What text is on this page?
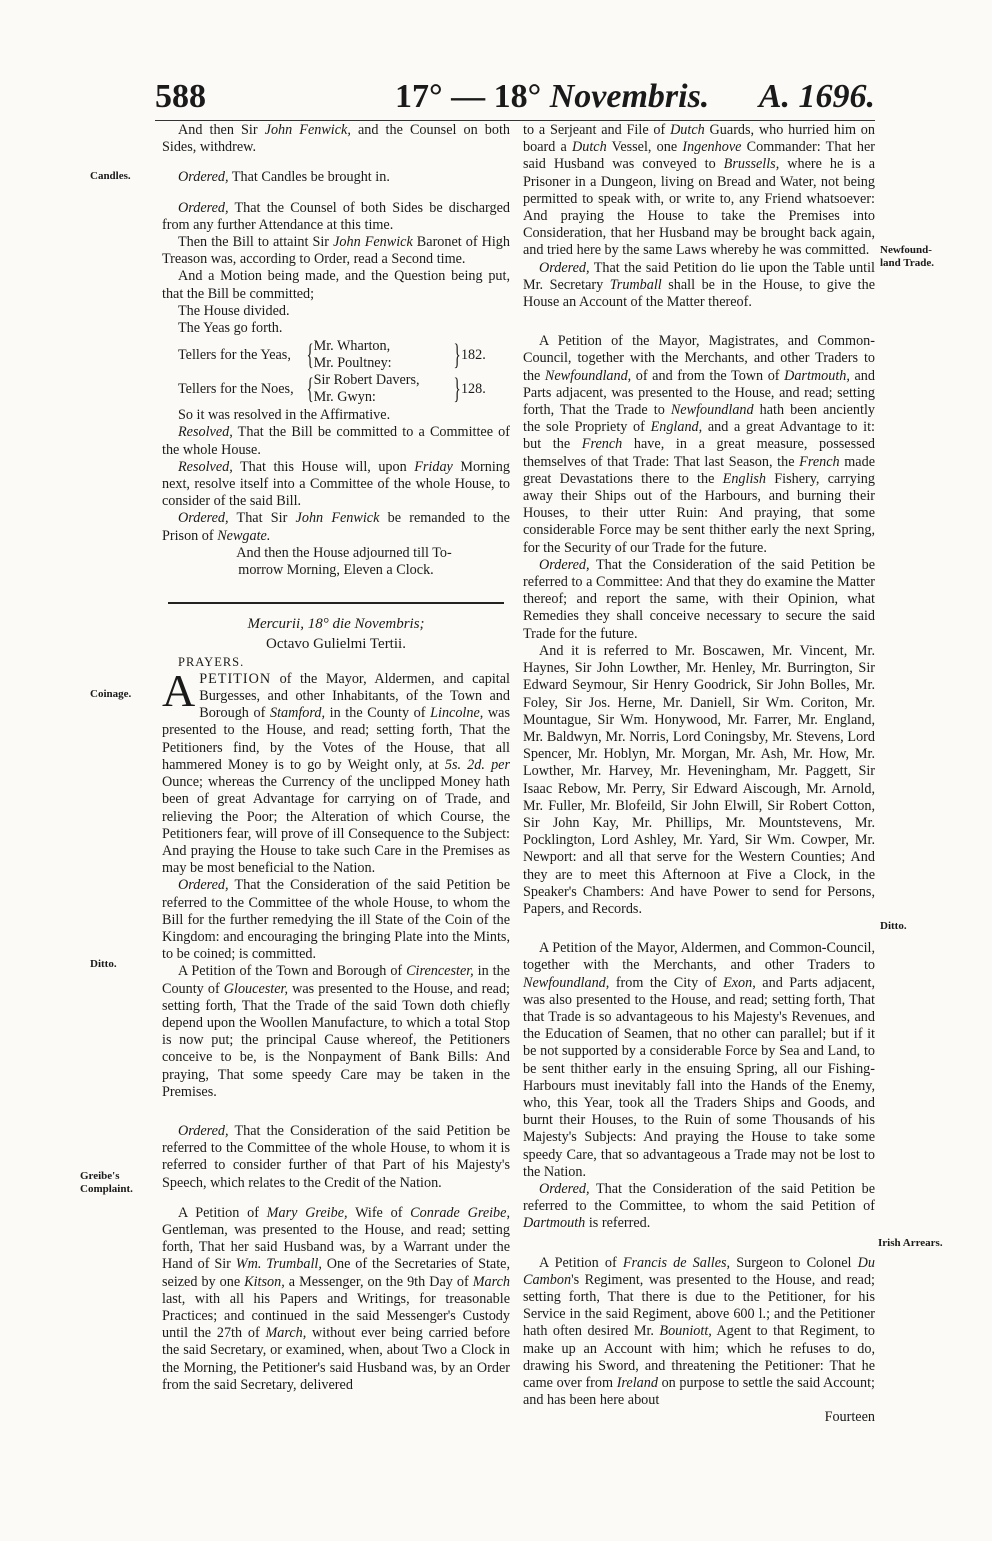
588	17° — 18° Novembris. A. 1696.
Candles.
Coinage.
Ditto.
Greibe's
Complaint.
Newfound-
land Trade.
Ditto.
Irish Arrears.

And then Sir John Fenwick, and the Counsel on both Sides, withdrew.

Ordered, That Candles be brought in.

Ordered, That the Counsel of both Sides be discharged from any further Attendance at this time.

Then the Bill to attaint Sir John Fenwick Baronet of High Treason was, according to Order, read a Second time.

And a Motion being made, and the Question being put, that the Bill be committed;

The House divided.

The Yeas go forth.

Tellers for the Yeas, { Mr. Wharton,
Mr. Poultney:	} 182.
Tellers for the Noes, { Sir Robert Davers,
Mr. Gwyn:	} 128.

So it was resolved in the Affirmative.

Resolved, That the Bill be committed to a Committee of the whole House.

Resolved, That this House will, upon Friday Morning next, resolve itself into a Committee of the whole House, to consider of the said Bill.

Ordered, That Sir John Fenwick be remanded to the Prison of Newgate.

And then the House adjourned till To-morrow Morning, Eleven a Clock.

Mercurii, 18° die Novembris;
Octavo Gulielmi Tertii.

PRAYERS.

A PETITION of the Mayor, Aldermen, and capital Burgesses, and other Inhabitants, of the Town and Borough of Stamford, in the County of Lincolne, was presented to the House, and read; setting forth, That the Petitioners find, by the Votes of the House, that all hammered Money is to go by Weight only, at 5s. 2d. per Ounce; whereas the Currency of the unclipped Money hath been of great Advantage for carrying on of Trade, and relieving the Poor; the Alteration of which Course, the Petitioners fear, will prove of ill Consequence to the Subject: And praying the House to take such Care in the Premises as may be most beneficial to the Nation.

Ordered, That the Consideration of the said Petition be referred to the Committee of the whole House, to whom the Bill for the further remedying the ill State of the Coin of the Kingdom: and encouraging the bringing Plate into the Mints, to be coined; is committed.

A Petition of the Town and Borough of Cirencester, in the County of Gloucester, was presented to the House, and read; setting forth, That the Trade of the said Town doth chiefly depend upon the Woollen Manufacture, to which a total Stop is now put; the principal Cause whereof, the Petitioners conceive to be, is the Nonpayment of Bank Bills: And praying, That some speedy Care may be taken in the Premises.

Ordered, That the Consideration of the said Petition be referred to the Committee of the whole House, to whom it is referred to consider further of that Part of his Majesty's Speech, which relates to the Credit of the Nation.

A Petition of Mary Greibe, Wife of Conrade Greibe, Gentleman, was presented to the House, and read; setting forth, That her said Husband was, by a Warrant under the Hand of Sir Wm. Trumball, One of the Secretaries of State, seized by one Kitson, a Messenger, on the 9th Day of March last, with all his Papers and Writings, for treasonable Practices; and continued in the said Messenger's Custody until the 27th of March, without ever being carried before the said Secretary, or examined, when, about Two a Clock in the Morning, the Petitioner's said Husband was, by an Order from the said Secretary, delivered

to a Serjeant and File of Dutch Guards, who hurried him on board a Dutch Vessel, one Ingenhove Commander: That her said Husband was conveyed to Brussells, where he is a Prisoner in a Dungeon, living on Bread and Water, not being permitted to speak with, or write to, any Friend whatsoever: And praying the House to take the Premises into Consideration, that her Husband may be brought back again, and tried here by the same Laws whereby he was committed.

Ordered, That the said Petition do lie upon the Table until Mr. Secretary Trumball shall be in the House, to give the House an Account of the Matter thereof.

A Petition of the Mayor, Magistrates, and Common-Council, together with the Merchants, and other Traders to the Newfoundland, of and from the Town of Dartmouth, and Parts adjacent, was presented to the House, and read; setting forth, That the Trade to Newfoundland hath been anciently the sole Propriety of England, and a great Advantage to it: but the French have, in a great measure, possessed themselves of that Trade: That last Season, the French made great Devastations there to the English Fishery, carrying away their Ships out of the Harbours, and burning their Houses, to their utter Ruin: And praying, that some considerable Force may be sent thither early the next Spring, for the Security of our Trade for the future.

Ordered, That the Consideration of the said Petition be referred to a Committee: And that they do examine the Matter thereof; and report the same, with their Opinion, what Remedies they shall conceive necessary to secure the said Trade for the future.

And it is referred to Mr. Boscawen, Mr. Vincent, Mr. Haynes, Sir John Lowther, Mr. Henley, Mr. Burrington, Sir Edward Seymour, Sir Henry Goodrick, Sir John Bolles, Mr. Foley, Sir Jos. Herne, Mr. Daniell, Sir Wm. Coriton, Mr. Mountague, Sir Wm. Honywood, Mr. Farrer, Mr. England, Mr. Baldwyn, Mr. Norris, Lord Coningsby, Mr. Stevens, Lord Spencer, Mr. Hoblyn, Mr. Morgan, Mr. Ash, Mr. How, Mr. Lowther, Mr. Harvey, Mr. Heveningham, Mr. Paggett, Sir Isaac Rebow, Mr. Perry, Sir Edward Aiscough, Mr. Arnold, Mr. Fuller, Mr. Blofeild, Sir John Elwill, Sir Robert Cotton, Sir John Kay, Mr. Phillips, Mr. Mountstevens, Mr. Pocklington, Lord Ashley, Mr. Yard, Sir Wm. Cowper, Mr. Newport: and all that serve for the Western Counties; And they are to meet this Afternoon at Five a Clock, in the Speaker's Chambers: And have Power to send for Persons, Papers, and Records.

A Petition of the Mayor, Aldermen, and Common-Council, together with the Merchants, and other Traders to Newfoundland, from the City of Exon, and Parts adjacent, was also presented to the House, and read; setting forth, That that Trade is so advantageous to his Majesty's Revenues, and the Education of Seamen, that no other can parallel; but if it be not supported by a considerable Force by Sea and Land, to be sent thither early in the ensuing Spring, all our Fishing-Harbours must inevitably fall into the Hands of the Enemy, who, this Year, took all the Traders Ships and Goods, and burnt their Houses, to the Ruin of some Thousands of his Majesty's Subjects: And praying the House to take some speedy Care, that so advantageous a Trade may not be lost to the Nation.

Ordered, That the Consideration of the said Petition be referred to the Committee, to whom the said Petition of Dartmouth is referred.

A Petition of Francis de Salles, Surgeon to Colonel Du Cambon's Regiment, was presented to the House, and read; setting forth, That there is due to the Petitioner, for his Service in the said Regiment, above 600 l.; and the Petitioner hath often desired Mr. Bouniott, Agent to that Regiment, to make up an Account with him; which he refuses to do, drawing his Sword, and threatening the Petitioner: That he came over from Ireland on purpose to settle the said Account; and has been here about

Fourteen
